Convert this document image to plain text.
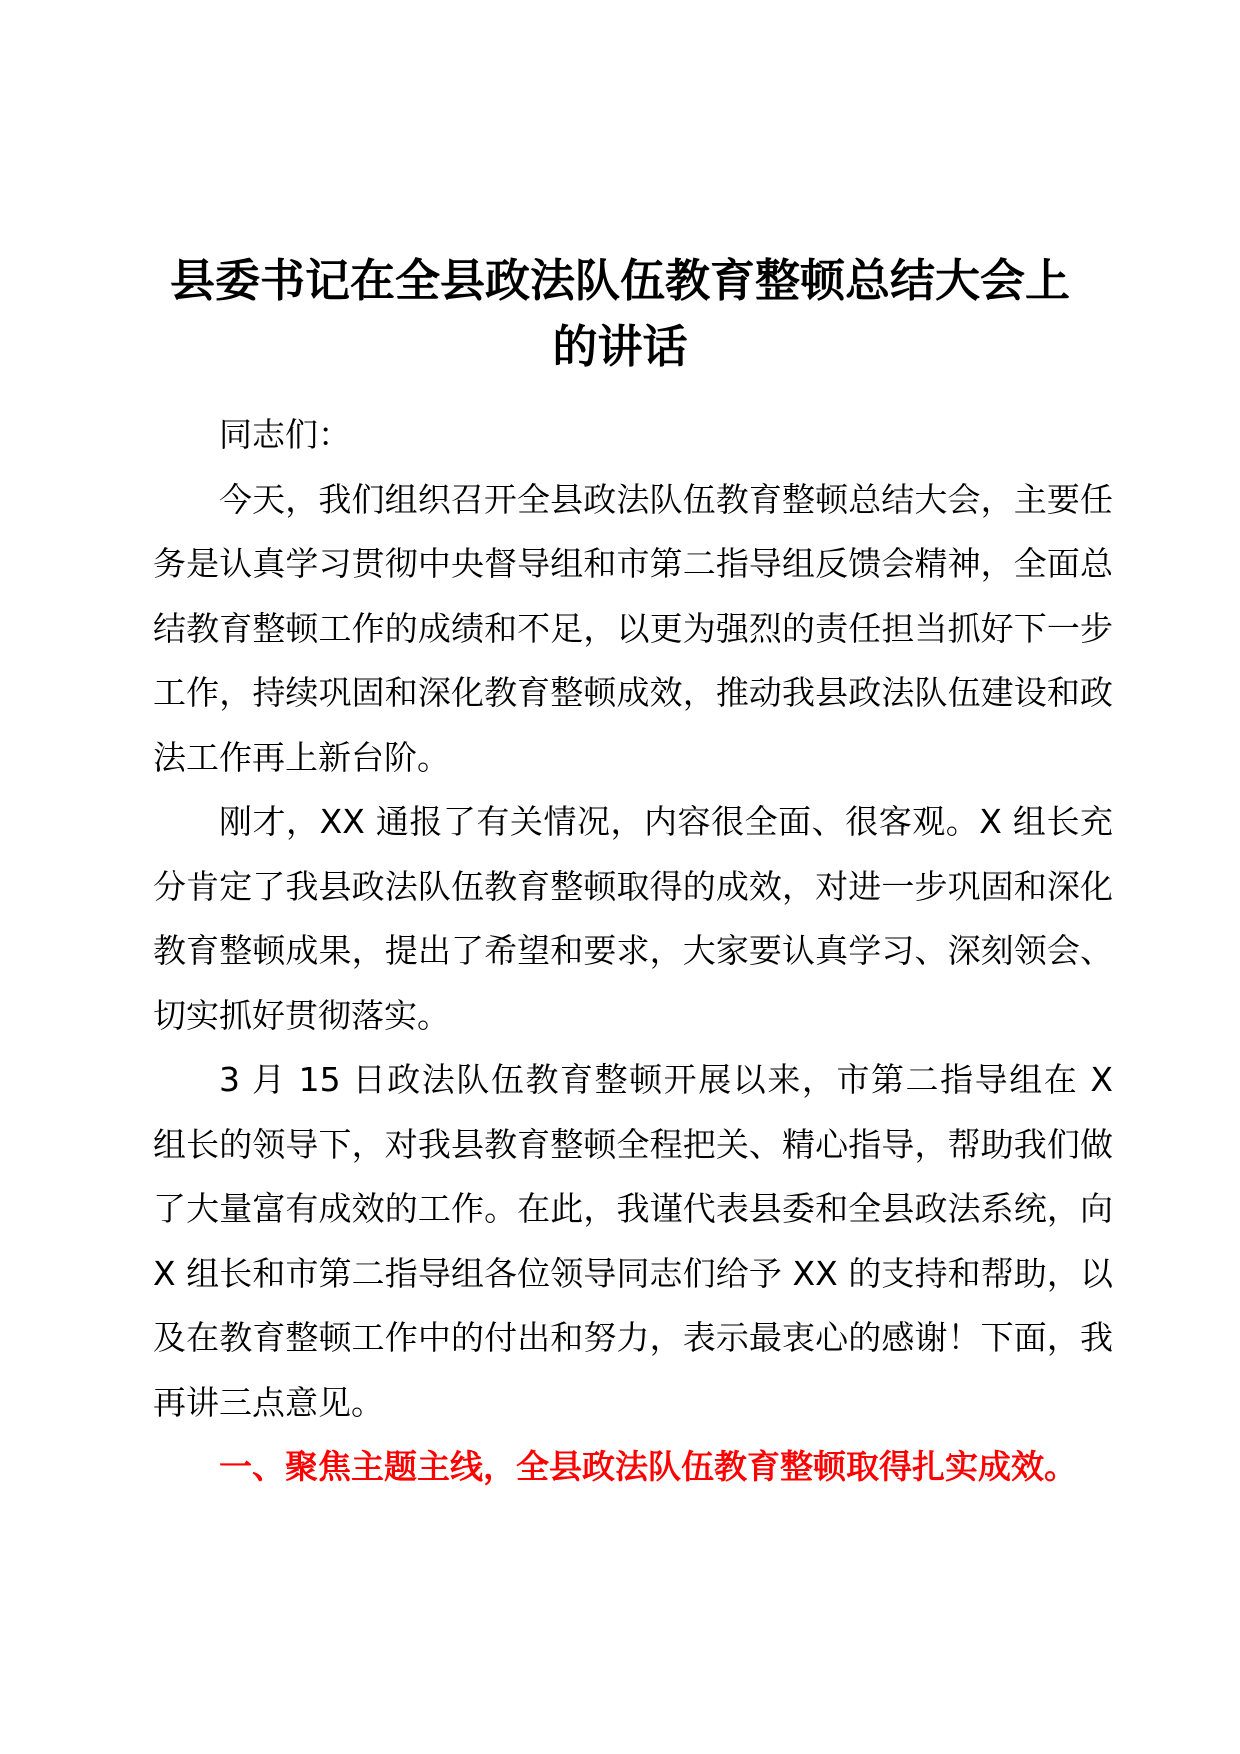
县委书记在全县政法队伍教育整顿总结大会上
的讲话

同志们：

今天，我们组织召开全县政法队伍教育整顿总结大会，主要任务是认真学习贯彻中央督导组和市第二指导组反馈会精神，全面总结教育整顿工作的成绩和不足，以更为强烈的责任担当抓好下一步工作，持续巩固和深化教育整顿成效，推动我县政法队伍建设和政法工作再上新台阶。

刚才，XX 通报了有关情况，内容很全面、很客观。X 组长充分肯定了我县政法队伍教育整顿取得的成效，对进一步巩固和深化教育整顿成果，提出了希望和要求，大家要认真学习、深刻领会、切实抓好贯彻落实。

3 月 15 日政法队伍教育整顿开展以来，市第二指导组在 X 组长的领导下，对我县教育整顿全程把关、精心指导，帮助我们做了大量富有成效的工作。在此，我谨代表县委和全县政法系统，向 X 组长和市第二指导组各位领导同志们给予 XX 的支持和帮助，以及在教育整顿工作中的付出和努力，表示最衷心的感谢！下面，我再讲三点意见。

一、聚焦主题主线，全县政法队伍教育整顿取得扎实成效。
